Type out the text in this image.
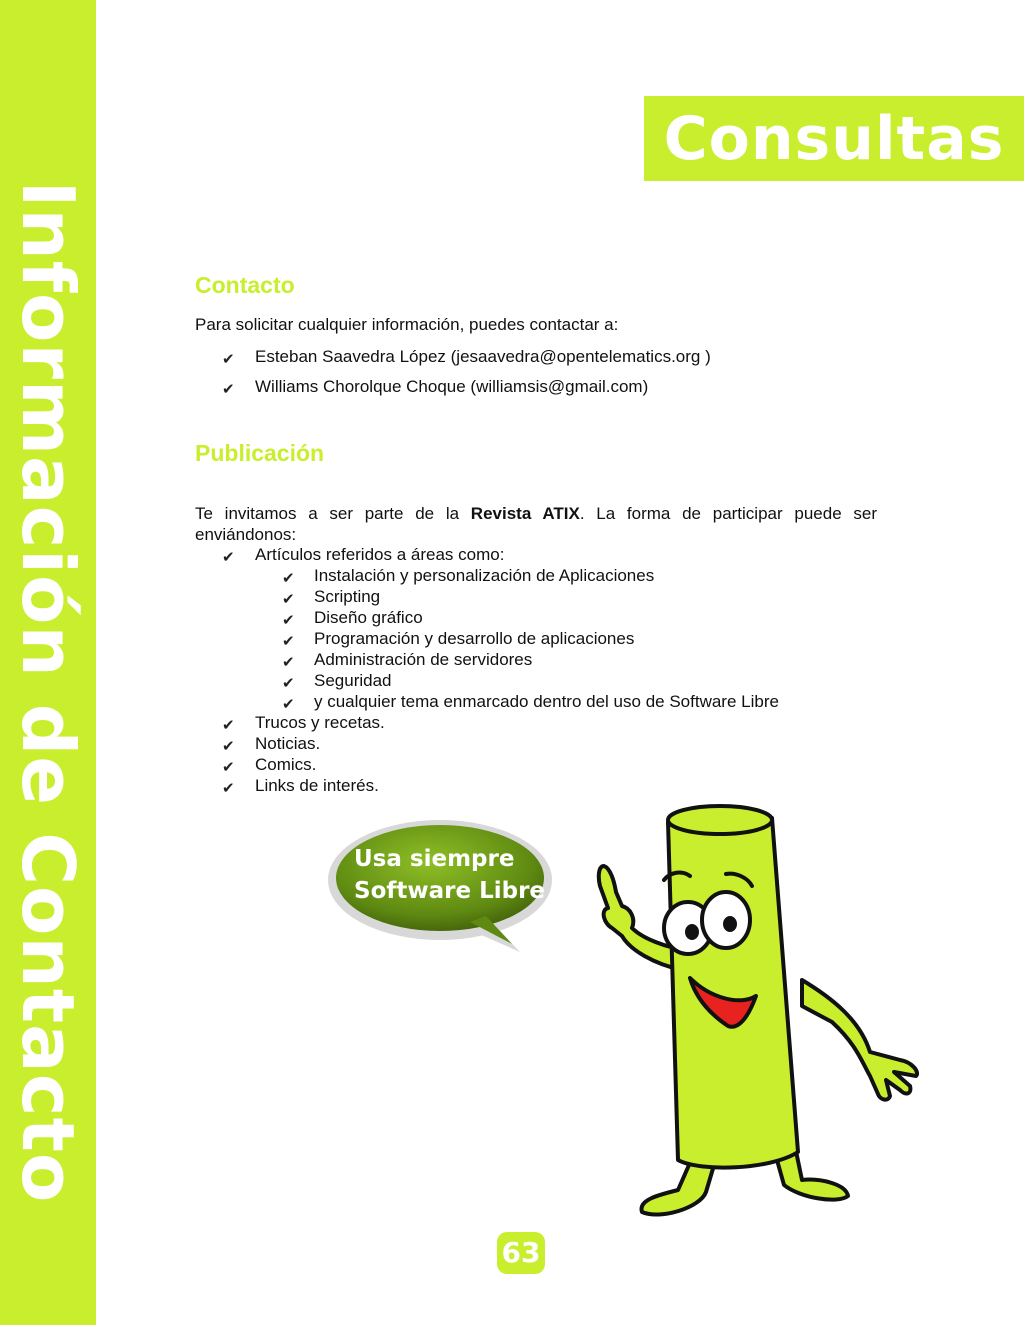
Información de Contacto
Consultas
Contacto
Para solicitar cualquier información, puedes contactar a:
✔ Esteban Saavedra López (jesaavedra@opentelematics.org )
✔ Williams Chorolque Choque (williamsis@gmail.com)
Publicación
Te invitamos a ser parte de la Revista ATIX. La forma de participar puede ser enviándonos:
✔ Artículos referidos a áreas como:
✔ Instalación y personalización de Aplicaciones
✔ Scripting
✔ Diseño gráfico
✔ Programación y desarrollo de aplicaciones
✔ Administración de servidores
✔ Seguridad
✔ y cualquier tema enmarcado dentro del uso de Software Libre
✔ Trucos y recetas.
✔ Noticias.
✔ Comics.
✔ Links de interés.
Usa siempre
Software Libre
63
